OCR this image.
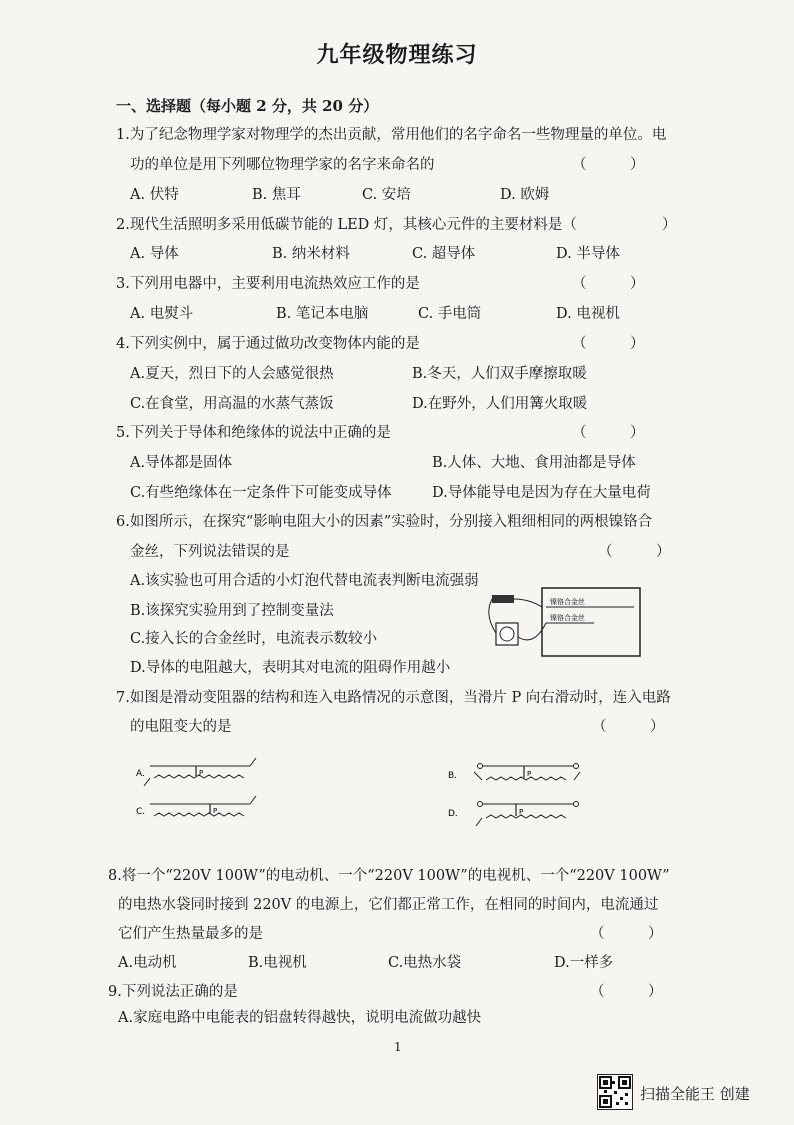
九年级物理练习
一、选择题（每小题 2 分，共 20 分）
1.为了纪念物理学家对物理学的杰出贡献，常用他们的名字命名一些物理量的单位。电
功的单位是用下列哪位物理学家的名字来命名的	（　　　）
A. 伏特	B. 焦耳	C. 安培	D. 欧姆
2.现代生活照明多采用低碳节能的 LED 灯，其核心元件的主要材料是（	）
A. 导体	B. 纳米材料	C. 超导体	D. 半导体
3.下列用电器中，主要利用电流热效应工作的是	（　　　）
A. 电熨斗	B. 笔记本电脑	C. 手电筒	D. 电视机
4.下列实例中，属于通过做功改变物体内能的是	（　　　）
A.夏天，烈日下的人会感觉很热	B.冬天，人们双手摩擦取暖
C.在食堂，用高温的水蒸气蒸饭	D.在野外，人们用篝火取暖
5.下列关于导体和绝缘体的说法中正确的是	（　　　）
A.导体都是固体	B.人体、大地、食用油都是导体
C.有些绝缘体在一定条件下可能变成导体	D.导体能导电是因为存在大量电荷
6.如图所示，在探究“影响电阻大小的因素”实验时，分别接入粗细相同的两根镍铬合
金丝，下列说法错误的是	（　　　）
A.该实验也可用合适的小灯泡代替电流表判断电流强弱
B.该探究实验用到了控制变量法
C.接入长的合金丝时，电流表示数较小
D.导体的电阻越大，表明其对电流的阻碍作用越小
镍铬合金丝
镍铬合金丝
7.如图是滑动变阻器的结构和连入电路情况的示意图，当滑片 P 向右滑动时，连入电路
的电阻变大的是	（　　　）
A.	P
C.	P
B.	P
D.	P
8.将一个“220V 100W”的电动机、一个“220V 100W”的电视机、一个“220V 100W”
的电热水袋同时接到 220V 的电源上，它们都正常工作，在相同的时间内，电流通过
它们产生热量最多的是	（　　　）
A.电动机	B.电视机	C.电热水袋	D.一样多
9.下列说法正确的是	（　　　）
A.家庭电路中电能表的铝盘转得越快，说明电流做功越快
1
扫描全能王 创建
